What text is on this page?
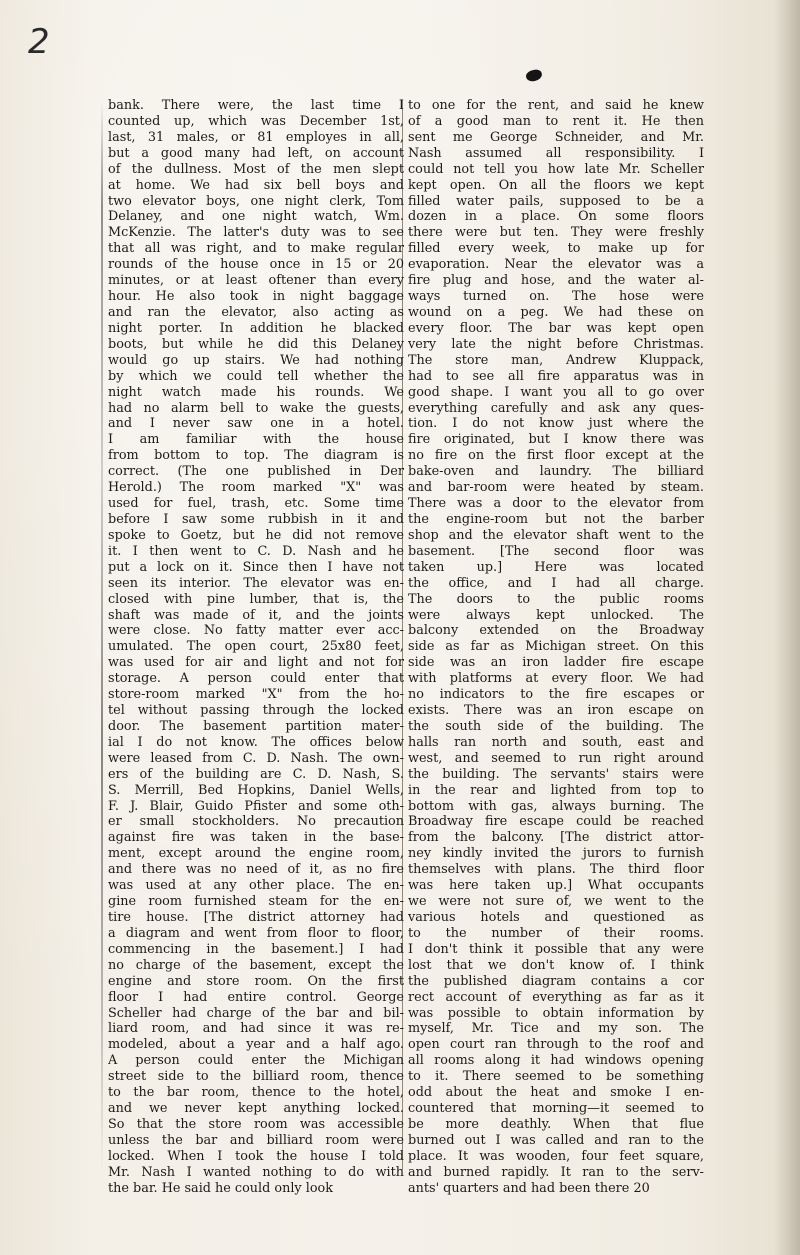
2
bank. There were, the last time I
counted up, which was December 1st,
last, 31 males, or 81 employes in all,
but a good many had left, on account
of the dullness. Most of the men slept
at home. We had six bell boys and
two elevator boys, one night clerk, Tom
Delaney, and one night watch, Wm.
McKenzie. The latter's duty was to see
that all was right, and to make regular
rounds of the house once in 15 or 20
minutes, or at least oftener than every
hour. He also took in night baggage
and ran the elevator, also acting as
night porter. In addition he blacked
boots, but while he did this Delaney
would go up stairs. We had nothing
by which we could tell whether the
night watch made his rounds. We
had no alarm bell to wake the guests,
and I never saw one in a hotel.
I am familiar with the house
from bottom to top. The diagram is
correct. (The one published in Der
Herold.) The room marked "X" was
used for fuel, trash, etc. Some time
before I saw some rubbish in it and
spoke to Goetz, but he did not remove
it. I then went to C. D. Nash and he
put a lock on it. Since then I have not
seen its interior. The elevator was en-
closed with pine lumber, that is, the
shaft was made of it, and the joints
were close. No fatty matter ever acc-
umulated. The open court, 25x80 feet,
was used for air and light and not for
storage. A person could enter that
store-room marked "X" from the ho-
tel without passing through the locked
door. The basement partition mater-
ial I do not know. The offices below
were leased from C. D. Nash. The own-
ers of the building are C. D. Nash, S.
S. Merrill, Bed Hopkins, Daniel Wells,
F. J. Blair, Guido Pfister and some oth-
er small stockholders. No precaution
against fire was taken in the base-
ment, except around the engine room,
and there was no need of it, as no fire
was used at any other place. The en-
gine room furnished steam for the en-
tire house. [The district attorney had
a diagram and went from floor to floor,
commencing in the basement.] I had
no charge of the basement, except the
engine and store room. On the first
floor I had entire control. George
Scheller had charge of the bar and bil-
liard room, and had since it was re-
modeled, about a year and a half ago.
A person could enter the Michigan
street side to the billiard room, thence
to the bar room, thence to the hotel,
and we never kept anything locked.
So that the store room was accessible
unless the bar and billiard room were
locked. When I took the house I told
Mr. Nash I wanted nothing to do with
the bar. He said he could only look
to one for the rent, and said he knew
of a good man to rent it. He then
sent me George Schneider, and Mr.
Nash assumed all responsibility. I
could not tell you how late Mr. Scheller
kept open. On all the floors we kept
filled water pails, supposed to be a
dozen in a place. On some floors
there were but ten. They were freshly
filled every week, to make up for
evaporation. Near the elevator was a
fire plug and hose, and the water al-
ways turned on. The hose were
wound on a peg. We had these on
every floor. The bar was kept open
very late the night before Christmas.
The store man, Andrew Kluppack,
had to see all fire apparatus was in
good shape. I want you all to go over
everything carefully and ask any ques-
tion. I do not know just where the
fire originated, but I know there was
no fire on the first floor except at the
bake-oven and laundry. The billiard
and bar-room were heated by steam.
There was a door to the elevator from
the engine-room but not the barber
shop and the elevator shaft went to the
basement. [The second floor was
taken up.] Here was located
the office, and I had all charge.
The doors to the public rooms
were always kept unlocked. The
balcony extended on the Broadway
side as far as Michigan street. On this
side was an iron ladder fire escape
with platforms at every floor. We had
no indicators to the fire escapes or
exists. There was an iron escape on
the south side of the building. The
halls ran north and south, east and
west, and seemed to run right around
the building. The servants' stairs were
in the rear and lighted from top to
bottom with gas, always burning. The
Broadway fire escape could be reached
from the balcony. [The district attor-
ney kindly invited the jurors to furnish
themselves with plans. The third floor
was here taken up.] What occupants
we were not sure of, we went to the
various hotels and questioned as
to the number of their rooms.
I don't think it possible that any were
lost that we don't know of. I think
the published diagram contains a cor
rect account of everything as far as it
was possible to obtain information by
myself, Mr. Tice and my son. The
open court ran through to the roof and
all rooms along it had windows opening
to it. There seemed to be something
odd about the heat and smoke I en-
countered that morning—it seemed to
be more deathly. When that flue
burned out I was called and ran to the
place. It was wooden, four feet square,
and burned rapidly. It ran to the serv-
ants' quarters and had been there 20
